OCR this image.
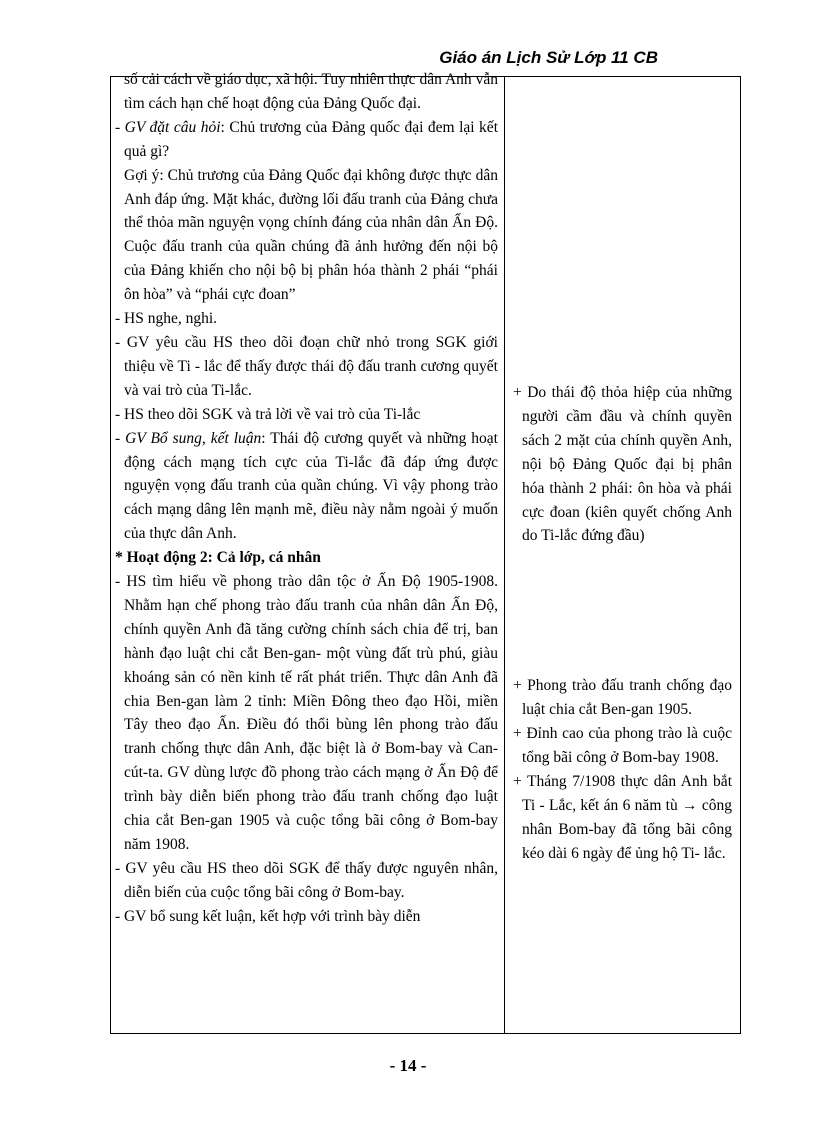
Giáo án Lịch Sử Lớp 11 CB
số cải cách về giáo dục, xã hội. Tuy nhiên thực dân Anh vẫn tìm cách hạn chế hoạt động của Đảng Quốc đại.
- GV đặt câu hỏi: Chủ trương của Đảng quốc đại đem lại kết quả gì?
Gợi ý: Chủ trương của Đảng Quốc đại không được thực dân Anh đáp ứng. Mặt khác, đường lối đấu tranh của Đảng chưa thể thỏa mãn nguyện vọng chính đáng của nhân dân Ấn Độ. Cuộc đấu tranh của quần chúng đã ảnh hưởng đến nội bộ của Đảng khiến cho nội bộ bị phân hóa thành 2 phái “phái ôn hòa” và “phái cực đoan”
- HS nghe, nghi.
- GV yêu cầu HS theo dõi đoạn chữ nhỏ trong SGK giới thiệu về Ti - lắc để thấy được thái độ đấu tranh cương quyết và vai trò của Ti-lắc.
- HS theo dõi SGK và trả lời về vai trò của Ti-lắc
- GV Bổ sung, kết luận: Thái độ cương quyết và những hoạt động cách mạng tích cực của Ti-lắc đã đáp ứng được nguyện vọng đấu tranh của quần chúng. Vì vậy phong trào cách mạng dâng lên mạnh mẽ, điều này nằm ngoài ý muốn của thực dân Anh.
* Hoạt động 2: Cả lớp, cá nhân
- HS tìm hiểu về phong trào dân tộc ở Ấn Độ 1905-1908. Nhằm hạn chế phong trào đấu tranh của nhân dân Ấn Độ, chính quyền Anh đã tăng cường chính sách chia để trị, ban hành đạo luật chi cắt Ben-gan- một vùng đất trù phú, giàu khoáng sản có nền kinh tế rất phát triển. Thực dân Anh đã chia Ben-gan làm 2 tỉnh: Miền Đông theo đạo Hồi, miền Tây theo đạo Ấn. Điều đó thổi bùng lên phong trào đấu tranh chống thực dân Anh, đặc biệt là ở Bom-bay và Can-cút-ta. GV dùng lược đồ phong trào cách mạng ở Ấn Độ để trình bày diễn biến phong trào đấu tranh chống đạo luật chia cắt Ben-gan 1905 và cuộc tổng bãi công ở Bom-bay năm 1908.
- GV yêu cầu HS theo dõi SGK để thấy được nguyên nhân, diễn biến của cuộc tổng bãi công ở Bom-bay.
- GV bổ sung kết luận, kết hợp với trình bày diễn
+ Do thái độ thỏa hiệp của những người cầm đầu và chính quyền sách 2 mặt của chính quyền Anh, nội bộ Đảng Quốc đại bị phân hóa thành 2 phái: ôn hòa và phái cực đoan (kiên quyết chống Anh do Ti-lắc đứng đầu)
+ Phong trào đấu tranh chống đạo luật chia cắt Ben-gan 1905.
+ Đỉnh cao của phong trào là cuộc tổng bãi công ở Bom-bay 1908.
+ Tháng 7/1908 thực dân Anh bắt Ti - Lắc, kết án 6 năm tù → công nhân Bom-bay đã tổng bãi công kéo dài 6 ngày để ủng hộ Ti- lắc.
- 14 -
